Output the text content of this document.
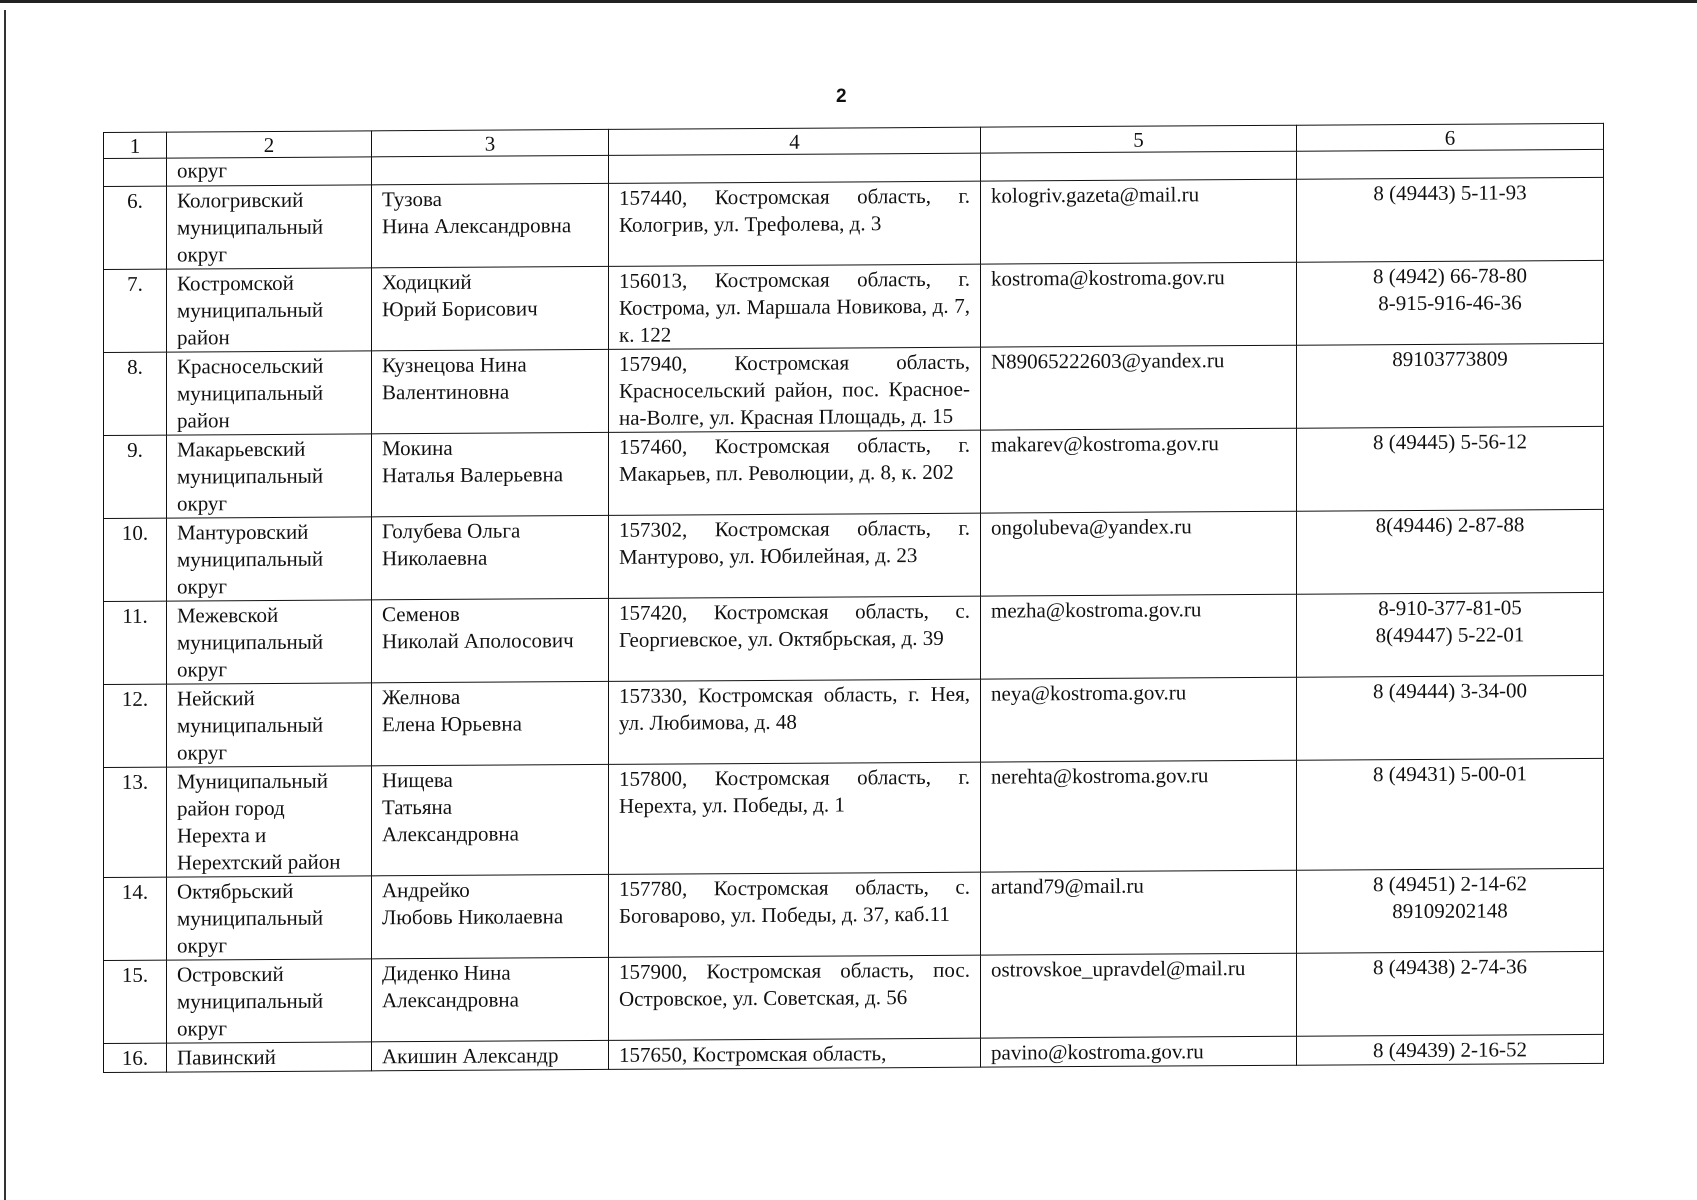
2
1	2	3	4	5	6
	округ				
6.	Кологривский
муниципальный
округ	Тузова
Нина Александровна	157440, Костромская область, г. Кологрив, ул. Трефолева, д. 3	kologriv.gazeta@mail.ru	8 (49443) 5-11-93

7.	Костромской
муниципальный
район	Ходицкий
Юрий Борисович	156013, Костромская область, г. Кострома, ул. Маршала Новикова, д. 7, к. 122	kostroma@kostroma.gov.ru	8 (4942) 66-78-80
8-915-916-46-36

8.	Красносельский
муниципальный
район	Кузнецова Нина
Валентиновна	157940, Костромская область, Красносельский район, пос. Красное-на-Волге, ул. Красная Площадь, д. 15	N89065222603@yandex.ru	89103773809

9.	Макарьевский
муниципальный
округ	Мокина
Наталья Валерьевна	157460, Костромская область, г. Макарьев, пл. Революции, д. 8, к. 202	makarev@kostroma.gov.ru	8 (49445) 5-56-12

10.	Мантуровский
муниципальный
округ	Голубева Ольга
Николаевна	157302, Костромская область, г. Мантурово, ул. Юбилейная, д. 23	ongolubeva@yandex.ru	8(49446) 2-87-88

11.	Межевской
муниципальный
округ	Семенов
Николай Аполосович	157420, Костромская область, с. Георгиевское, ул. Октябрьская, д. 39	mezha@kostroma.gov.ru	8-910-377-81-05
8(49447) 5-22-01

12.	Нейский
муниципальный
округ	Желнова
Елена Юрьевна	157330, Костромская область, г. Нея, ул. Любимова, д. 48	neya@kostroma.gov.ru	8 (49444) 3-34-00

13.	Муниципальный
район город
Нерехта и
Нерехтский район	Нищева
Татьяна
Александровна	157800, Костромская область, г. Нерехта, ул. Победы, д. 1	nerehta@kostroma.gov.ru	8 (49431) 5-00-01

14.	Октябрьский
муниципальный
округ	Андрейко
Любовь Николаевна	157780, Костромская область, с. Боговарово, ул. Победы, д. 37, каб.11	artand79@mail.ru	8 (49451) 2-14-62
89109202148

15.	Островский
муниципальный
округ	Диденко Нина
Александровна	157900, Костромская область, пос. Островское, ул. Советская, д. 56	ostrovskoe_upravdel@mail.ru	8 (49438) 2-74-36

16.	Павинский	Акишин Александр	157650, Костромская область,	pavino@kostroma.gov.ru	8 (49439) 2-16-52
